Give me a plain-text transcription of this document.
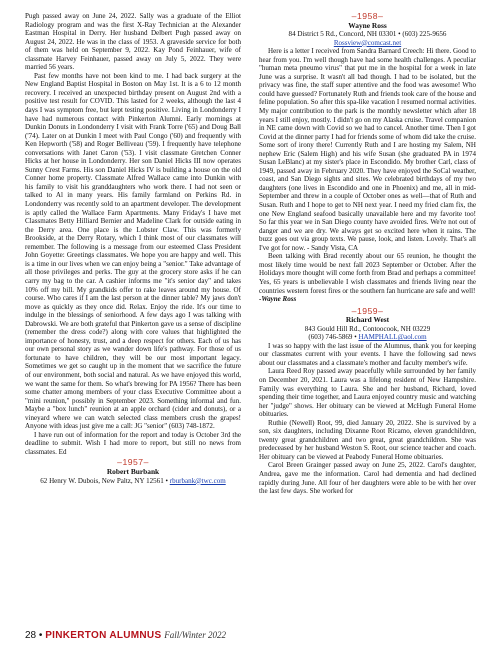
Pugh passed away on June 24, 2022. Sally was a graduate of the Elliot Radiology program and was the first X-Ray Technician at the Alexander Eastman Hospital in Derry. Her husband Delbert Pugh passed away on August 24, 2022. He was in the class of 1953. A graveside service for both of them was held on September 9, 2022. Kay Pond Feinhauer, wife of classmate Harvey Feinhauer, passed away on July 5, 2022. They were married 56 years.

Past few months have not been kind to me. I had back surgery at the New England Baptist Hospital in Boston on May 1st. It is a 6 to 12 month recovery. I received an unexpected birthday present on August 2nd with a positive test result for COVID. This lasted for 2 weeks, although the last 4 days I was symptom free, but kept testing positive. Living in Londonderry I have had numerous contact with Pinkerton Alumni. Early mornings at Dunkin Donuts in Londonderry I visit with Frank Torre ('65) and Doug Ball ('74). Later on at Dunkin I meet with Paul Congo ('60) and frequently with Ken Hepworth ('58) and Roger Belliveau ('59). I frequently have telephone conversations with Janet Caron ('53). I visit classmate Gretchen Conner Hicks at her house in Londonderry. Her son Daniel Hicks III now operates Sunny Crest Farms. His son Daniel Hicks IV is building a house on the old Conner home property. Classmate Alfred Wallace came into Dunkin with his family to visit his granddaughters who work there. I had not seen or talked to Al in many years. His family farmland on Perkins Rd. in Londonderry was recently sold to an apartment developer. The development is aptly called the Wallace Farm Apartments. Many Friday's I have met Classmates Betty Hilliard Bernier and Madeline Clark for outside eating in the Derry area. One place is the Lobster Claw. This was formerly Brookside, at the Derry Rotary, which I think most of our classmates will remember. The following is a message from our esteemed Class President John Goyette: Greetings classmates. We hope you are happy and well. This is a time in our lives when we can enjoy being a "senior." Take advantage of all those privileges and perks. The guy at the grocery store asks if he can carry my bag to the car. A cashier informs me "it's senior day" and takes 10% off my bill. My grandkids offer to rake leaves around my house. Of course. Who cares if I am the last person at the dinner table? My jaws don't move as quickly as they once did. Relax. Enjoy the ride. It's our time to indulge in the blessings of seniorhood. A few days ago I was talking with Dabrowski. We are both grateful that Pinkerton gave us a sense of discipline (remember the dress code?) along with core values that highlighted the importance of honesty, trust, and a deep respect for others. Each of us has our own personal story as we wander down life's pathway. For those of us fortunate to have children, they will be our most important legacy. Sometimes we get so caught up in the moment that we sacrifice the future of our environment, both social and natural. As we have enjoyed this world, we want the same for them. So what's brewing for PA 1956? There has been some chatter among members of your class Executive Committee about a "mini reunion," possibly in September 2023. Something informal and fun. Maybe a "box lunch" reunion at an apple orchard (cider and donuts), or a vineyard where we can watch selected class members crush the grapes! Anyone with ideas just give me a call: JG "senior" (603) 748-1872.

I have run out of information for the report and today is October 3rd the deadline to submit. Wish I had more to report, but still no news from classmates. Ed

–1957–
Robert Burbank
62 Henry W. Dubois, New Paltz, NY 12561 • rburbank@twc.com
–1958–
Wayne Ross
84 District 5 Rd., Concord, NH 03301 • (603) 225-9656
Rossview@comcast.net

Here is a letter I received from Sandra Barnard Creech: Hi there. Good to hear from you. I'm well though have had some health challenges. A peculiar "human meta pneumo virus" that put me in the hospital for a week in late June was a surprise. It wasn't all bad though. I had to be isolated, but the privacy was fine, the staff super attentive and the food was awesome! Who could have guessed? Fortunately Ruth and friends took care of the house and feline population. So after this spa-like vacation I resumed normal activities. My major contribution to the park is the monthly newsletter which after 18 years I still enjoy, mostly. I didn't go on my Alaska cruise. Travel companion in NE came down with Covid so we had to cancel. Another time. Then I got Covid at the dinner party I had for friends some of whom did take the cruise. Some sort of irony there! Currently Ruth and I are hosting my Salem, NH nephew Eric (Salem High) and his wife Susan (she graduated PA in 1974 Susan LeBlanc) at my sister's place in Escondido. My brother Carl, class of 1949, passed away in February 2020. They have enjoyed the SoCal weather, coast, and San Diego sights and sites. We celebrated birthdays of my two daughters (one lives in Escondido and one in Phoenix) and me, all in mid-September and threw in a couple of October ones as well—that of Ruth and Susan. Ruth and I hope to get to NH next year. I need my fried clam fix, the one New England seafood basically unavailable here and my favorite too! So far this year we in San Diego county have avoided fires. We're not out of danger and we are dry. We always get so excited here when it rains. The buzz goes out via group texts. We pause, look, and listen. Lovely. That's all I've got for now. - Sandy Vista, CA

Been talking with Brad recently about our 65 reunion, he thought the most likely time would be next fall 2023 September or October. After the Holidays more thought will come forth from Brad and perhaps a committee! Yes, 65 years is unbelievable I wish classmates and friends living near the countries western forest fires or the southern fan hurricane are safe and well!

-Wayne Ross

–1959–
Richard West
843 Gould Hill Rd., Contoocook, NH 03229
(603) 746-5869 • HAMPHALL@aol.com

I was so happy with the last issue of the Alumnus, thank you for keeping our classmates current with your events. I have the following sad news about our classmates and a classmate's mother and faculty member's wife.

Laura Reed Roy passed away peacefully while surrounded by her family on December 20, 2021. Laura was a lifelong resident of New Hampshire. Family was everything to Laura. She and her husband, Richard, loved spending their time together, and Laura enjoyed country music and watching her "judge" shows. Her obituary can be viewed at McHugh Funeral Home obituaries.

Ruthie (Newell) Root, 99, died January 20, 2022. She is survived by a son, six daughters, including Dixanne Root Ricamo, eleven grandchildren, twenty great grandchildren and two great, great grandchildren. She was predeceased by her husband Weston S. Root, our science teacher and coach. Her obituary can be viewed at Peabody Funeral Home obituaries.

Carol Breen Grainger passed away on June 25, 2022. Carol's daughter, Andrea, gave me the information. Carol had dementia and had declined rapidly during June. All four of her daughters were able to be with her over the last few days. She worked for

28 • PINKERTON ALUMNUS Fall/Winter 2022
